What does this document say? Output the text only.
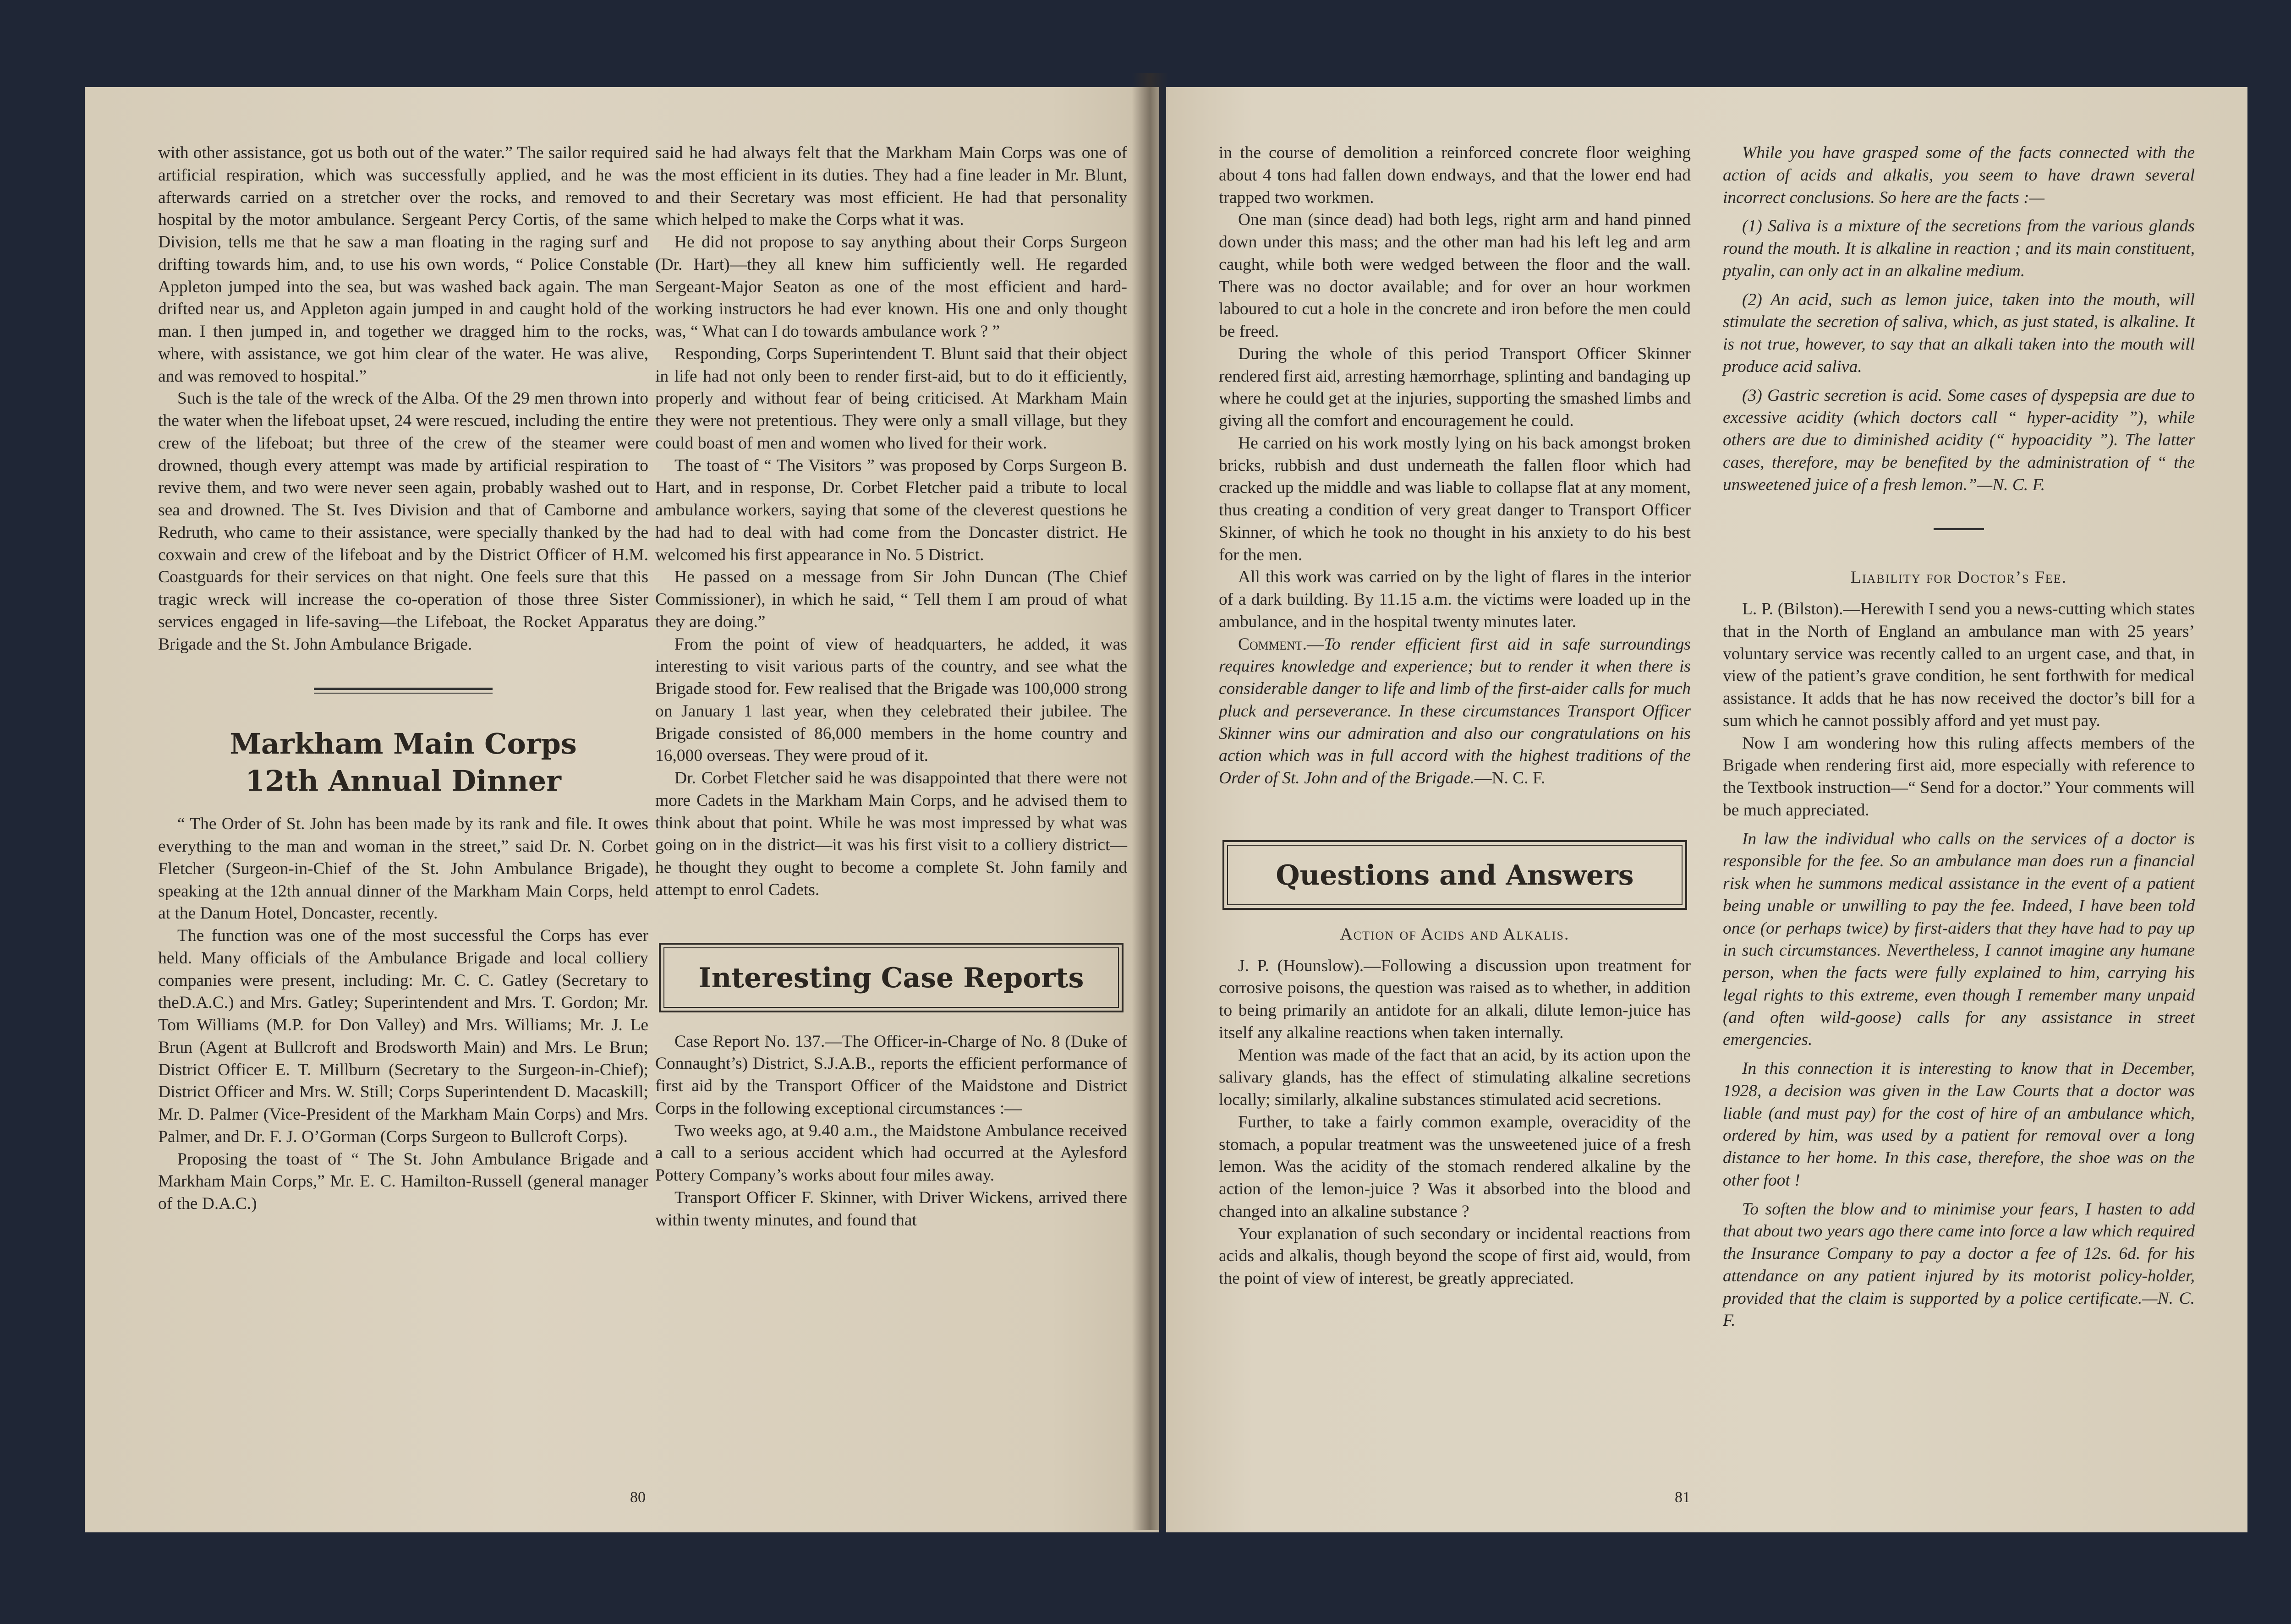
with other assistance, got us both out of the water.” The sailor required artificial respiration, which was successfully applied, and he was afterwards carried on a stretcher over the rocks, and removed to hospital by the motor ambulance. Sergeant Percy Cortis, of the same Division, tells me that he saw a man floating in the raging surf and drifting towards him, and, to use his own words, “ Police Constable Appleton jumped into the sea, but was washed back again. The man drifted near us, and Appleton again jumped in and caught hold of the man. I then jumped in, and together we dragged him to the rocks, where, with assistance, we got him clear of the water. He was alive, and was removed to hospital.”

Such is the tale of the wreck of the Alba. Of the 29 men thrown into the water when the lifeboat upset, 24 were rescued, including the entire crew of the lifeboat; but three of the crew of the steamer were drowned, though every attempt was made by artificial respiration to revive them, and two were never seen again, probably washed out to sea and drowned. The St. Ives Division and that of Camborne and Redruth, who came to their assistance, were specially thanked by the coxwain and crew of the lifeboat and by the District Officer of H.M. Coastguards for their services on that night. One feels sure that this tragic wreck will increase the co-operation of those three Sister services engaged in life-saving—the Lifeboat, the Rocket Apparatus Brigade and the St. John Ambulance Brigade.

Markham Main Corps
12th Annual Dinner

“ The Order of St. John has been made by its rank and file. It owes everything to the man and woman in the street,” said Dr. N. Corbet Fletcher (Surgeon-in-Chief of the St. John Ambulance Brigade), speaking at the 12th annual dinner of the Markham Main Corps, held at the Danum Hotel, Doncaster, recently.

The function was one of the most successful the Corps has ever held. Many officials of the Ambulance Brigade and local colliery companies were present, including: Mr. C. C. Gatley (Secretary to theD.A.C.) and Mrs. Gatley; Superintendent and Mrs. T. Gordon; Mr. Tom Williams (M.P. for Don Valley) and Mrs. Williams; Mr. J. Le Brun (Agent at Bullcroft and Brodsworth Main) and Mrs. Le Brun; District Officer E. T. Millburn (Secretary to the Surgeon-in-Chief); District Officer and Mrs. W. Still; Corps Superintendent D. Macaskill; Mr. D. Palmer (Vice-President of the Markham Main Corps) and Mrs. Palmer, and Dr. F. J. O’Gorman (Corps Surgeon to Bullcroft Corps).

Proposing the toast of “ The St. John Ambulance Brigade and Markham Main Corps,” Mr. E. C. Hamilton-Russell (general manager of the D.A.C.)

said he had always felt that the Markham Main Corps was one of the most efficient in its duties. They had a fine leader in Mr. Blunt, and their Secretary was most efficient. He had that personality which helped to make the Corps what it was.

He did not propose to say anything about their Corps Surgeon (Dr. Hart)—they all knew him sufficiently well. He regarded Sergeant-Major Seaton as one of the most efficient and hard-working instructors he had ever known. His one and only thought was, “ What can I do towards ambulance work ? ”

Responding, Corps Superintendent T. Blunt said that their object in life had not only been to render first-aid, but to do it efficiently, properly and without fear of being criticised. At Markham Main they were not pretentious. They were only a small village, but they could boast of men and women who lived for their work.

The toast of “ The Visitors ” was proposed by Corps Surgeon B. Hart, and in response, Dr. Corbet Fletcher paid a tribute to local ambulance workers, saying that some of the cleverest questions he had had to deal with had come from the Doncaster district. He welcomed his first appearance in No. 5 District.

He passed on a message from Sir John Duncan (The Chief Commissioner), in which he said, “ Tell them I am proud of what they are doing.”

From the point of view of headquarters, he added, it was interesting to visit various parts of the country, and see what the Brigade stood for. Few realised that the Brigade was 100,000 strong on January 1 last year, when they celebrated their jubilee. The Brigade consisted of 86,000 members in the home country and 16,000 overseas. They were proud of it.

Dr. Corbet Fletcher said he was disappointed that there were not more Cadets in the Markham Main Corps, and he advised them to think about that point. While he was most impressed by what was going on in the district—it was his first visit to a colliery district—he thought they ought to become a complete St. John family and attempt to enrol Cadets.

Interesting Case Reports

Case Report No. 137.—The Officer-in-Charge of No. 8 (Duke of Connaught’s) District, S.J.A.B., reports the efficient performance of first aid by the Transport Officer of the Maidstone and District Corps in the following exceptional circumstances :—

Two weeks ago, at 9.40 a.m., the Maidstone Ambulance received a call to a serious accident which had occurred at the Aylesford Pottery Company’s works about four miles away.

Transport Officer F. Skinner, with Driver Wickens, arrived there within twenty minutes, and found that

80

in the course of demolition a reinforced concrete floor weighing about 4 tons had fallen down endways, and that the lower end had trapped two workmen.

One man (since dead) had both legs, right arm and hand pinned down under this mass; and the other man had his left leg and arm caught, while both were wedged between the floor and the wall. There was no doctor available; and for over an hour workmen laboured to cut a hole in the concrete and iron before the men could be freed.

During the whole of this period Transport Officer Skinner rendered first aid, arresting hæmorrhage, splinting and bandaging up where he could get at the injuries, supporting the smashed limbs and giving all the comfort and encouragement he could.

He carried on his work mostly lying on his back amongst broken bricks, rubbish and dust underneath the fallen floor which had cracked up the middle and was liable to collapse flat at any moment, thus creating a condition of very great danger to Transport Officer Skinner, of which he took no thought in his anxiety to do his best for the men.

All this work was carried on by the light of flares in the interior of a dark building. By 11.15 a.m. the victims were loaded up in the ambulance, and in the hospital twenty minutes later.

Comment.—To render efficient first aid in safe surroundings requires knowledge and experience; but to render it when there is considerable danger to life and limb of the first-aider calls for much pluck and perseverance. In these circumstances Transport Officer Skinner wins our admiration and also our congratulations on his action which was in full accord with the highest traditions of the Order of St. John and of the Brigade.—N. C. F.

Questions and Answers

Action of Acids and Alkalis.

J. P. (Hounslow).—Following a discussion upon treatment for corrosive poisons, the question was raised as to whether, in addition to being primarily an antidote for an alkali, dilute lemon-juice has itself any alkaline reactions when taken internally.

Mention was made of the fact that an acid, by its action upon the salivary glands, has the effect of stimulating alkaline secretions locally; similarly, alkaline substances stimulated acid secretions.

Further, to take a fairly common example, overacidity of the stomach, a popular treatment was the unsweetened juice of a fresh lemon. Was the acidity of the stomach rendered alkaline by the action of the lemon-juice ? Was it absorbed into the blood and changed into an alkaline substance ?

Your explanation of such secondary or incidental reactions from acids and alkalis, though beyond the scope of first aid, would, from the point of view of interest, be greatly appreciated.

While you have grasped some of the facts connected with the action of acids and alkalis, you seem to have drawn several incorrect conclusions. So here are the facts :—

(1) Saliva is a mixture of the secretions from the various glands round the mouth. It is alkaline in reaction ; and its main constituent, ptyalin, can only act in an alkaline medium.

(2) An acid, such as lemon juice, taken into the mouth, will stimulate the secretion of saliva, which, as just stated, is alkaline. It is not true, however, to say that an alkali taken into the mouth will produce acid saliva.

(3) Gastric secretion is acid. Some cases of dyspepsia are due to excessive acidity (which doctors call “ hyper-acidity ”), while others are due to diminished acidity (“ hypoacidity ”). The latter cases, therefore, may be benefited by the administration of “ the unsweetened juice of a fresh lemon.”—N. C. F.

Liability for Doctor’s Fee.

L. P. (Bilston).—Herewith I send you a news-cutting which states that in the North of England an ambulance man with 25 years’ voluntary service was recently called to an urgent case, and that, in view of the patient’s grave condition, he sent forthwith for medical assistance. It adds that he has now received the doctor’s bill for a sum which he cannot possibly afford and yet must pay.

Now I am wondering how this ruling affects members of the Brigade when rendering first aid, more especially with reference to the Textbook instruction—“ Send for a doctor.” Your comments will be much appreciated.

In law the individual who calls on the services of a doctor is responsible for the fee. So an ambulance man does run a financial risk when he summons medical assistance in the event of a patient being unable or unwilling to pay the fee. Indeed, I have been told once (or perhaps twice) by first-aiders that they have had to pay up in such circumstances. Nevertheless, I cannot imagine any humane person, when the facts were fully explained to him, carrying his legal rights to this extreme, even though I remember many unpaid (and often wild-goose) calls for any assistance in street emergencies.

In this connection it is interesting to know that in December, 1928, a decision was given in the Law Courts that a doctor was liable (and must pay) for the cost of hire of an ambulance which, ordered by him, was used by a patient for removal over a long distance to her home. In this case, therefore, the shoe was on the other foot !

To soften the blow and to minimise your fears, I hasten to add that about two years ago there came into force a law which required the Insurance Company to pay a doctor a fee of 12s. 6d. for his attendance on any patient injured by its motorist policy-holder, provided that the claim is supported by a police certificate.—N. C. F.

81
